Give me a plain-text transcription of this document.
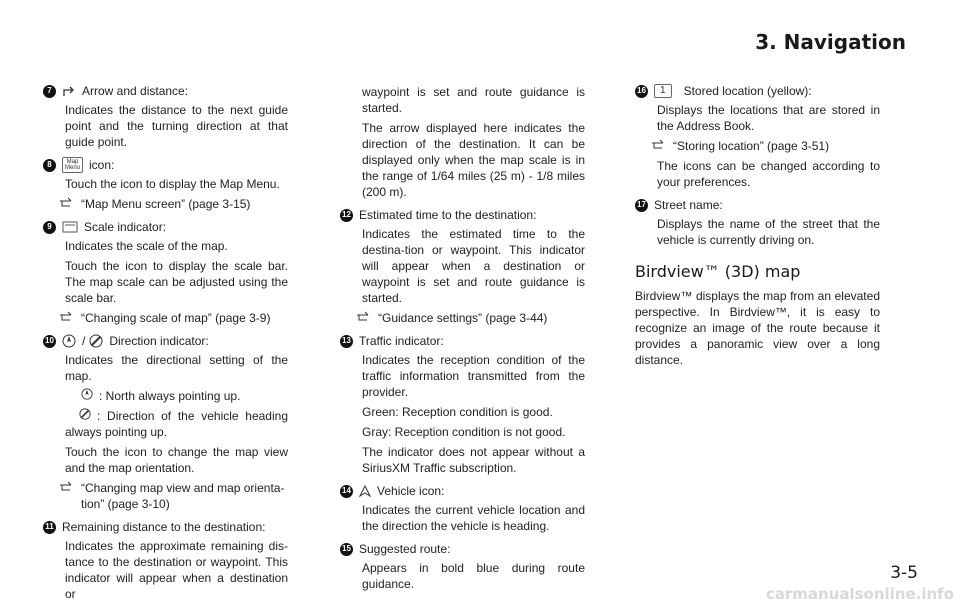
3. Navigation
7	Arrow and distance:

Indicates the distance to the next guide point and the turning direction at that guide point.

8	Map
Menu icon:

Touch the icon to display the Map Menu.

“Map Menu screen” (page 3-15)
9	Scale indicator:

Indicates the scale of the map.

Touch the icon to display the scale bar. The map scale can be adjusted using the scale bar.

“Changing scale of map” (page 3-9)
10 / Direction indicator:

Indicates the directional setting of the map.

: North always pointing up.

: Direction of the vehicle heading always pointing up.

Touch the icon to change the map view and the map orientation.

“Changing map view and map orienta-tion” (page 3-10)
11 Remaining distance to the destination:

Indicates the approximate remaining dis-tance to the destination or waypoint. This indicator will appear when a destination or

waypoint is set and route guidance is started.

The arrow displayed here indicates the direction of the destination. It can be displayed only when the map scale is in the range of 1/64 miles (25 m) - 1/8 miles (200 m).

12 Estimated time to the destination:

Indicates the estimated time to the destina-tion or waypoint. This indicator will appear when a destination or waypoint is set and route guidance is started.

“Guidance settings” (page 3-44)
13 Traffic indicator:

Indicates the reception condition of the traffic information transmitted from the provider.

Green: Reception condition is good.

Gray: Reception condition is not good.

The indicator does not appear without a SiriusXM Traffic subscription.

14 Vehicle icon:

Indicates the current vehicle location and the direction the vehicle is heading.

15 Suggested route:

Appears in bold blue during route guidance.

16	1	Stored location (yellow):

Displays the locations that are stored in the Address Book.

“Storing location” (page 3-51)

The icons can be changed according to your preferences.

17 Street name:

Displays the name of the street that the vehicle is currently driving on.

Birdview™ (3D) map

Birdview™ displays the map from an elevated perspective. In Birdview™, it is easy to recognize an image of the route because it provides a panoramic view over a long distance.

3-5
carmanualsonline.info
